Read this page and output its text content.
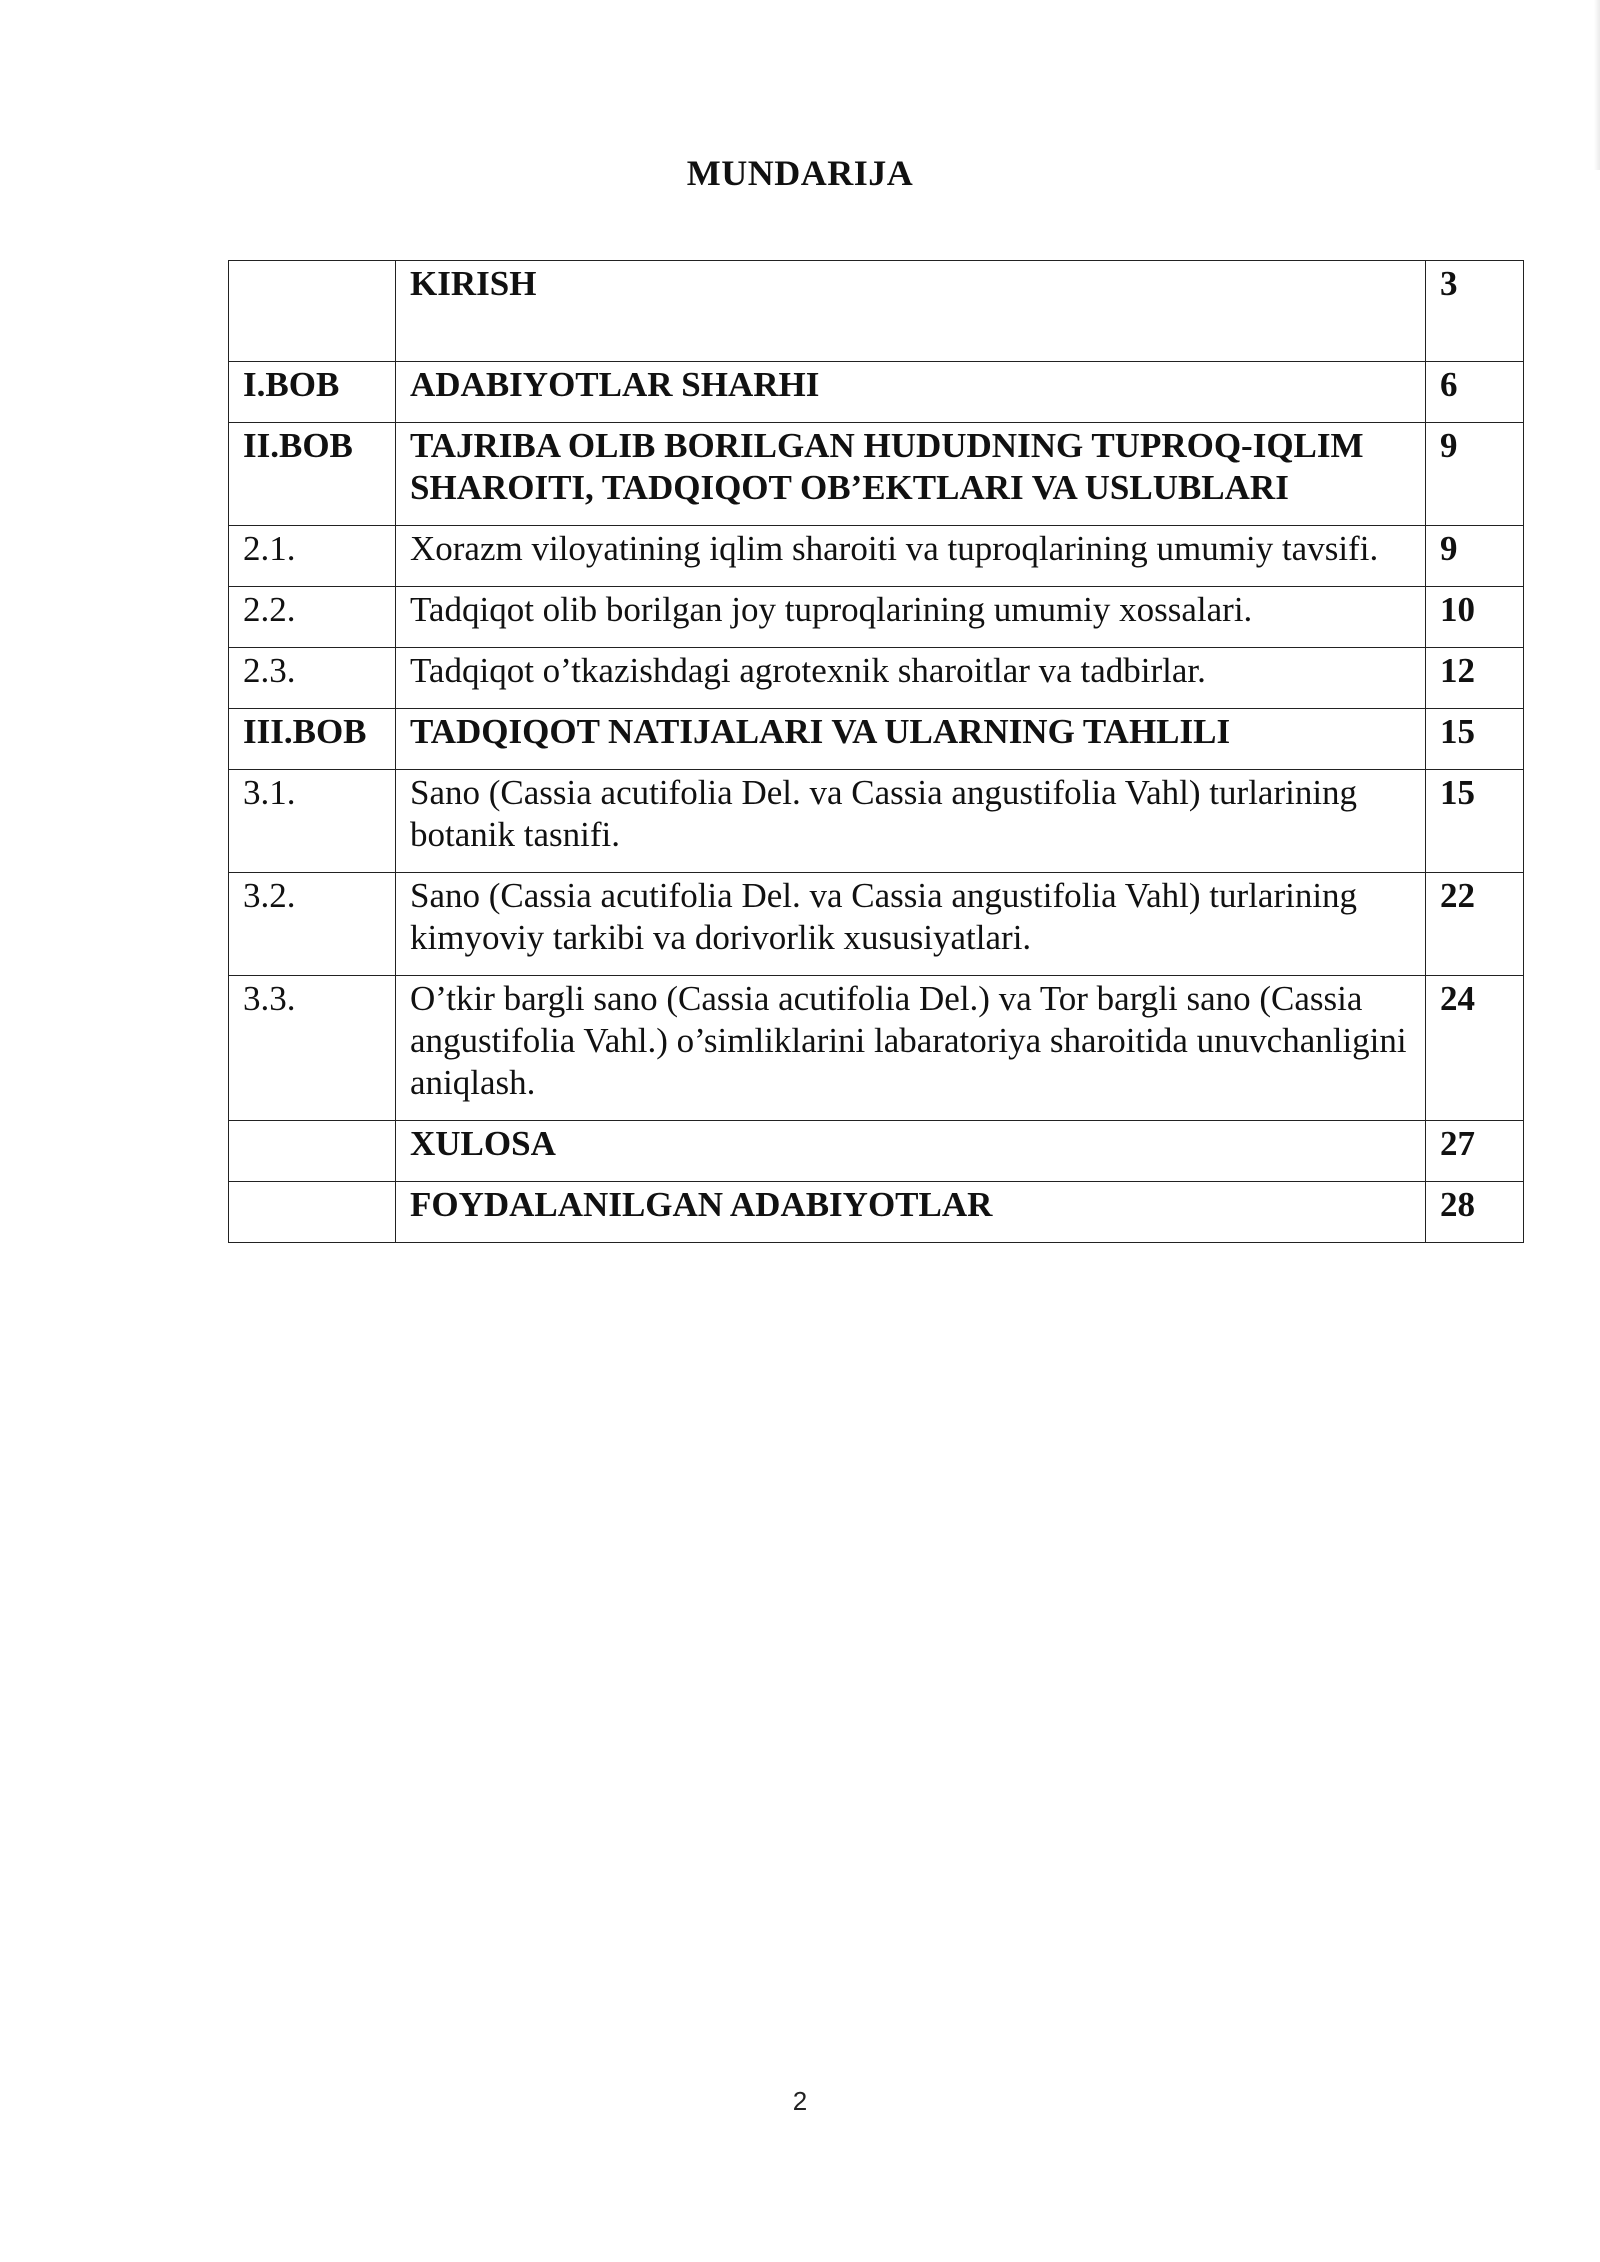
MUNDARIJA
	KIRISH	3
I.BOB	ADABIYOTLAR SHARHI	6
II.BOB	TAJRIBA OLIB BORILGAN HUDUDNING TUPROQ-IQLIM SHAROITI, TADQIQOT OB’EKTLARI VA USLUBLARI	9
2.1.	Xorazm viloyatining iqlim sharoiti va tuproqlarining umumiy tavsifi.	9
2.2.	Tadqiqot olib borilgan joy tuproqlarining umumiy xossalari.	10
2.3.	Tadqiqot o’tkazishdagi agrotexnik sharoitlar va tadbirlar.	12
III.BOB	TADQIQOT NATIJALARI VA ULARNING TAHLILI	15
3.1.	Sano (Cassia acutifolia Del. va Cassia angustifolia Vahl) turlarining botanik tasnifi.	15
3.2.	Sano (Cassia acutifolia Del. va Cassia angustifolia Vahl) turlarining kimyoviy tarkibi va dorivorlik xususiyatlari.	22
3.3.	O’tkir bargli sano (Cassia acutifolia Del.) va Tor bargli sano (Cassia angustifolia Vahl.) o’simliklarini labaratoriya sharoitida unuvchanligini aniqlash.	24
	XULOSA	27
	FOYDALANILGAN ADABIYOTLAR	28
2
